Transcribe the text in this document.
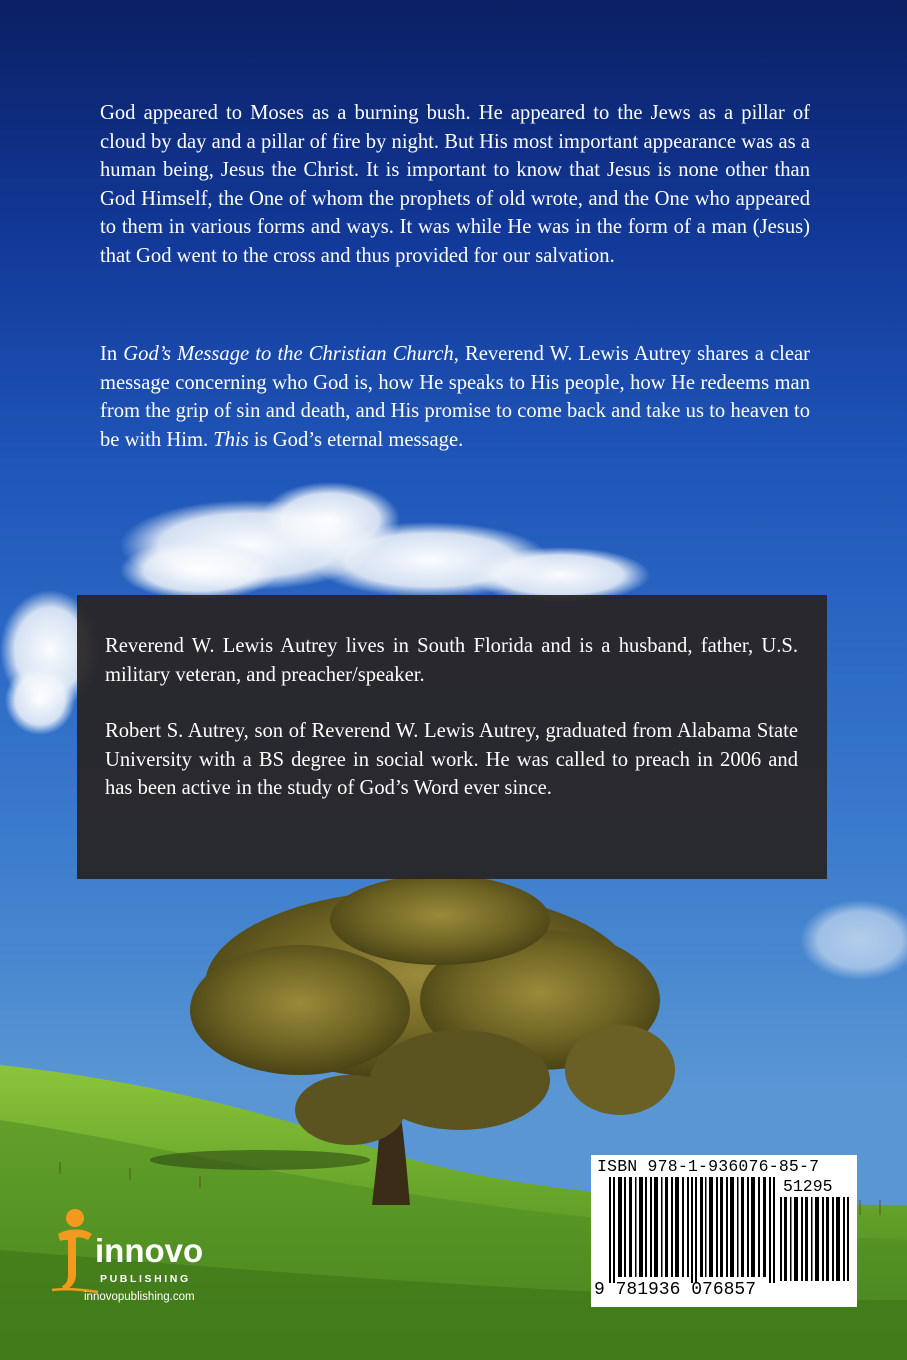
God appeared to Moses as a burning bush. He appeared to the Jews as a pillar of cloud by day and a pillar of fire by night. But His most important appearance was as a human being, Jesus the Christ. It is important to know that Jesus is none other than God Himself, the One of whom the prophets of old wrote, and the One who appeared to them in various forms and ways. It was while He was in the form of a man (Jesus) that God went to the cross and thus provided for our salvation.

In God’s Message to the Christian Church, Reverend W. Lewis Autrey shares a clear message concerning who God is, how He speaks to His people, how He redeems man from the grip of sin and death, and His promise to come back and take us to heaven to be with Him. This is God’s eternal message.

Reverend W. Lewis Autrey lives in South Florida and is a husband, father, U.S. military veteran, and preacher/speaker.

Robert S. Autrey, son of Reverend W. Lewis Autrey, graduated from Alabama State University with a BS degree in social work. He was called to preach in 2006 and has been active in the study of God’s Word ever since.

innovo

PUBLISHING

innovopublishing.com

ISBN 978-1-936076-85-7

51295

9 781936 076857
